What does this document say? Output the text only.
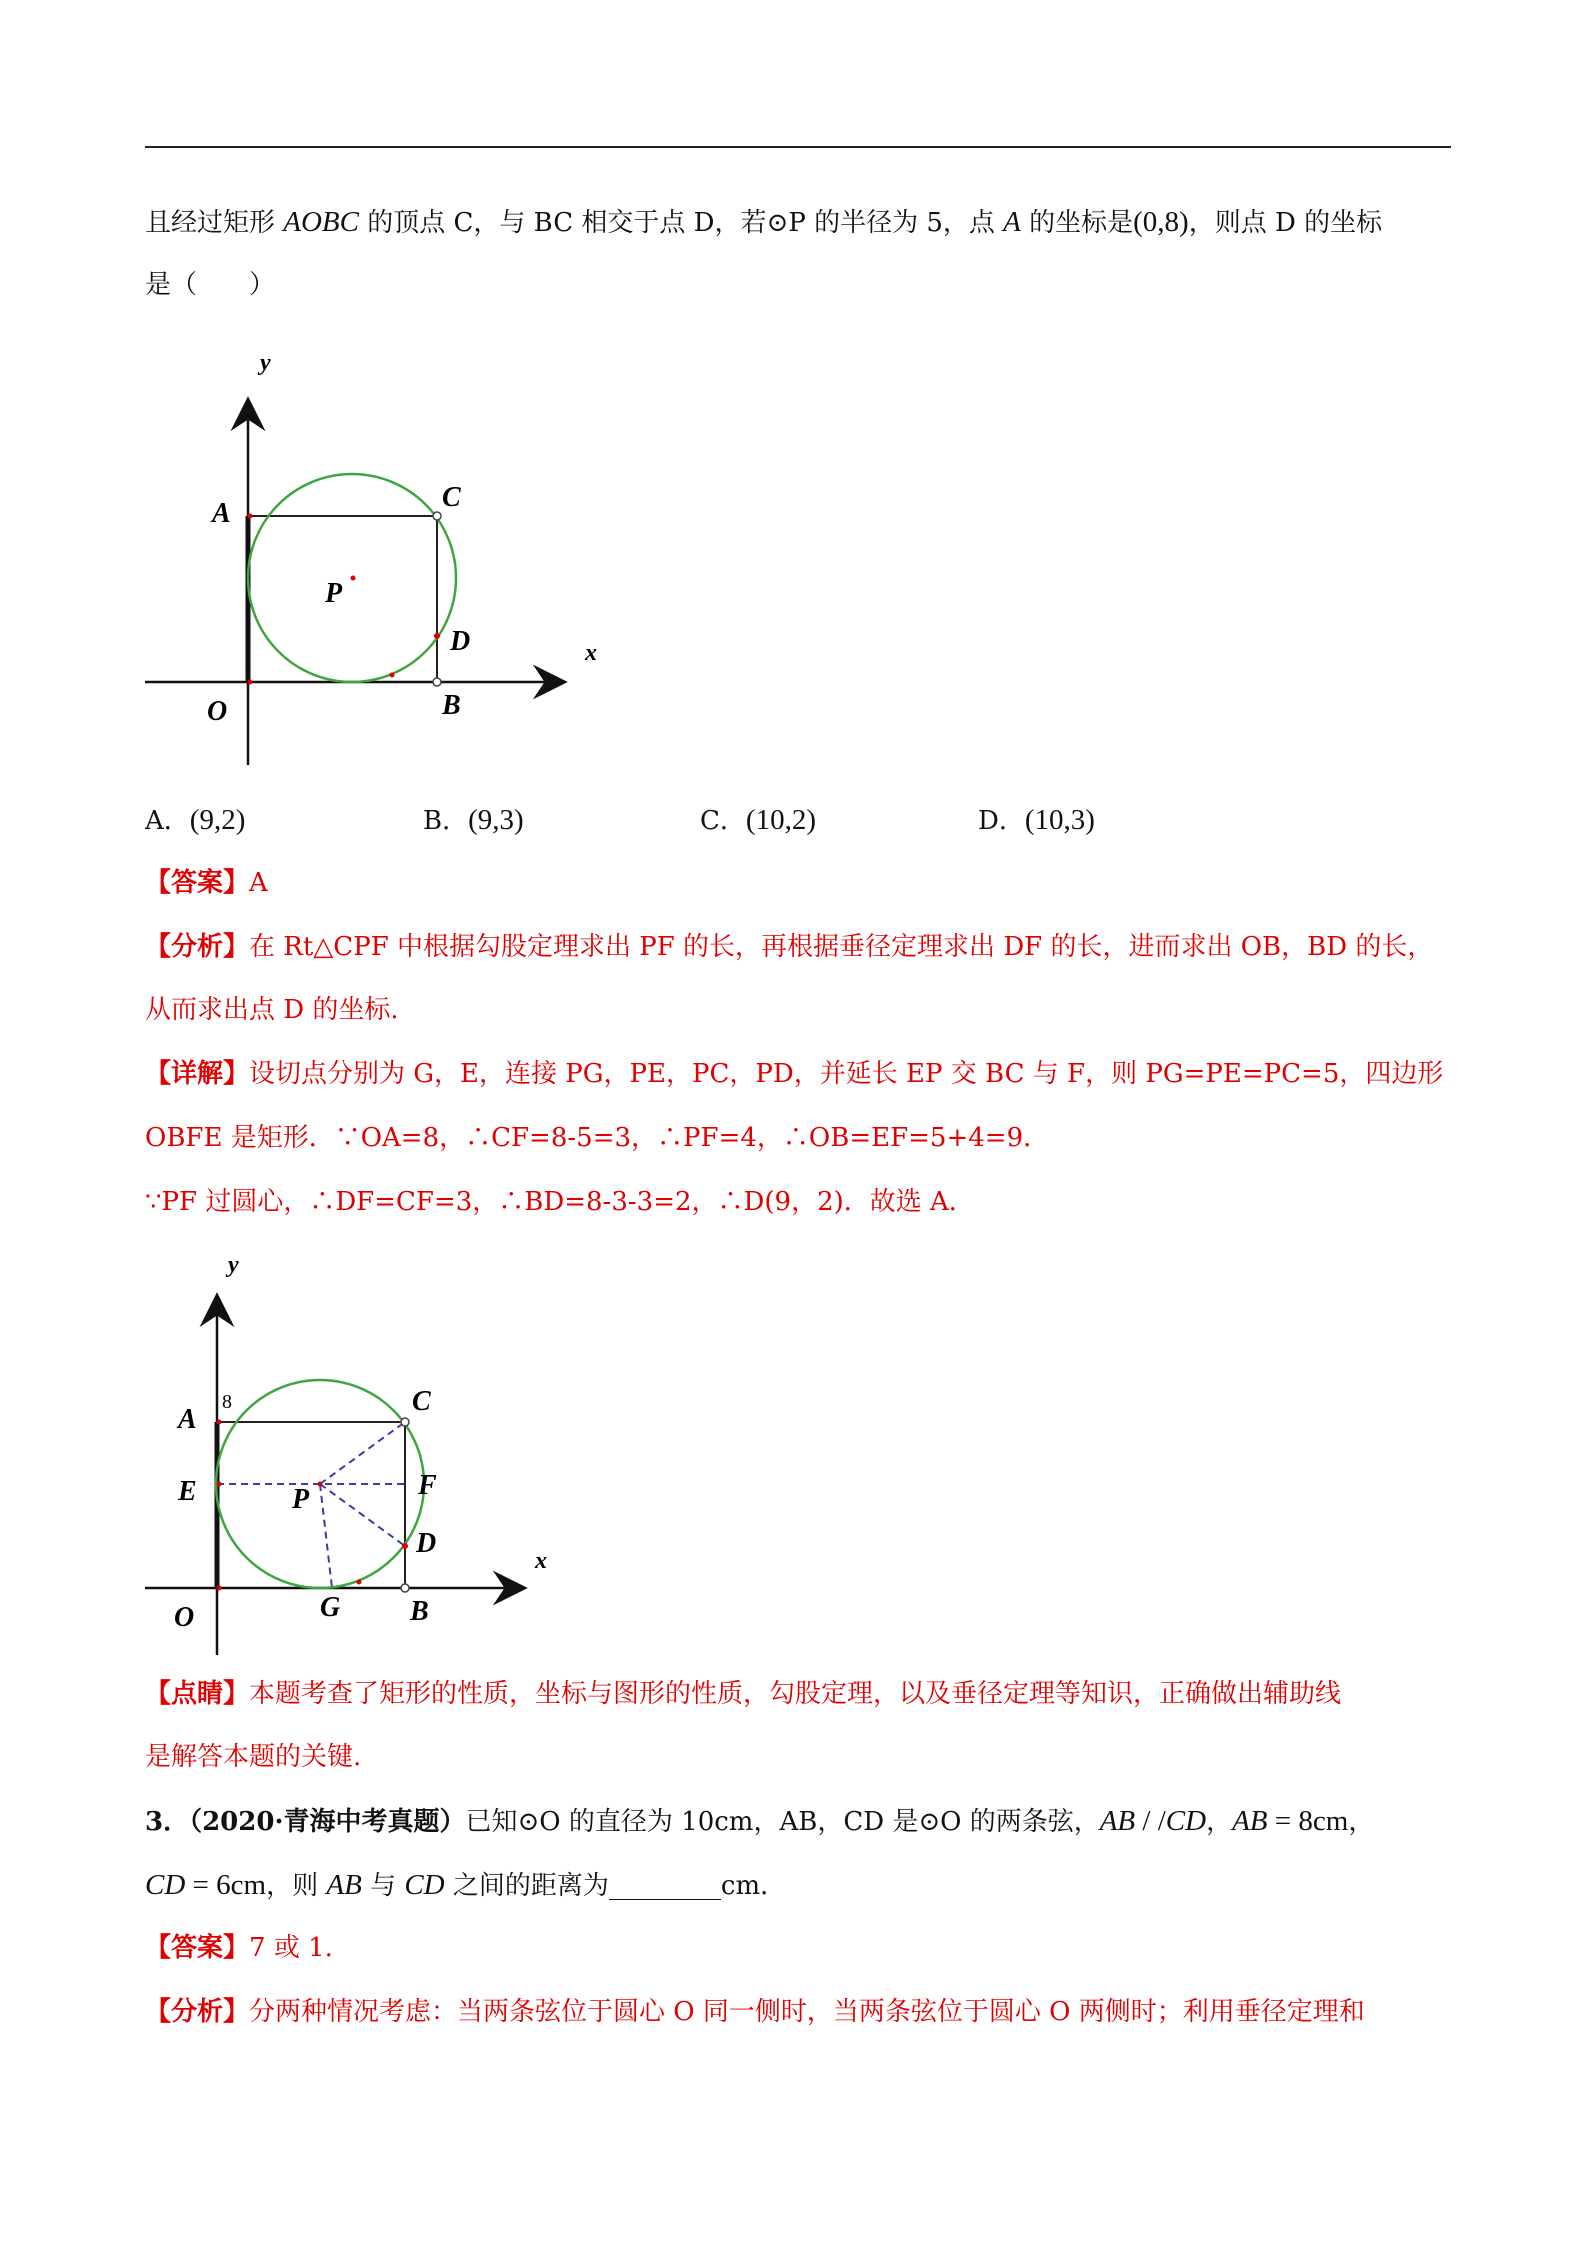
且经过矩形 AOBC 的顶点 C，与 BC 相交于点 D，若⊙P 的半径为 5，点 A 的坐标是(0,8)，则点 D 的坐标
是（　　）
y
x
A
C
P
D
O	B
A．(9,2)	B．(9,3)	C．(10,2)	D．(10,3)
【答案】A
【分析】在 Rt△CPF 中根据勾股定理求出 PF 的长，再根据垂径定理求出 DF 的长，进而求出 OB，BD 的长，
从而求出点 D 的坐标.
【详解】设切点分别为 G，E，连接 PG，PE，PC，PD，并延长 EP 交 BC 与 F，则 PG=PE=PC=5，四边形
OBFE 是矩形．∵OA=8，∴CF=8-5=3，∴PF=4，∴OB=EF=5+4=9．
∵PF 过圆心，∴DF=CF=3，∴BD=8-3-3=2，∴D(9，2)．故选 A．
y
x
8
A
C
E	P	F
D
O	G B
【点睛】本题考查了矩形的性质，坐标与图形的性质，勾股定理，以及垂径定理等知识，正确做出辅助线
是解答本题的关键.
3．（2020·青海中考真题）已知⊙O 的直径为 10cm，AB，CD 是⊙O 的两条弦，AB / /CD，AB = 8cm，
CD = 6cm，则 AB 与 CD 之间的距离为	cm．
【答案】7 或 1.
【分析】分两种情况考虑：当两条弦位于圆心 O 同一侧时，当两条弦位于圆心 O 两侧时；利用垂径定理和
